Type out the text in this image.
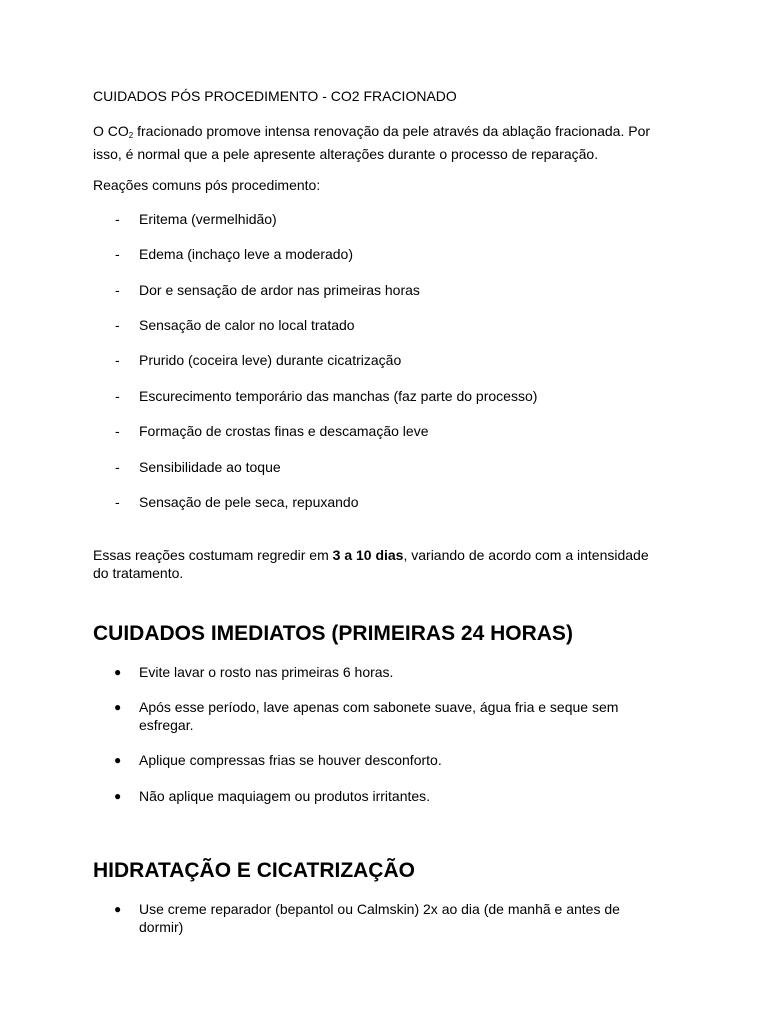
CUIDADOS PÓS PROCEDIMENTO - CO2 FRACIONADO

O $CO_2$ fracionado promove intensa renovação da pele através da ablação fracionada. Por isso, é normal que a pele apresente alterações durante o processo de reparação.

Reações comuns pós procedimento:

- Eritema (vermelhidão)
- Edema (inchaço leve a moderado)
- Dor e sensação de ardor nas primeiras horas
- Sensação de calor no local tratado
- Prurido (coceira leve) durante cicatrização
- Escurecimento temporário das manchas (faz parte do processo)
- Formação de crostas finas e descamação leve
- Sensibilidade ao toque
- Sensação de pele seca, repuxando

Essas reações costumam regredir em 3 a 10 dias, variando de acordo com a intensidade do tratamento.

CUIDADOS IMEDIATOS (PRIMEIRAS 24 HORAS)
● Evite lavar o rosto nas primeiras 6 horas.
● Após esse período, lave apenas com sabonete suave, água fria e seque sem esfregar.
● Aplique compressas frias se houver desconforto.
● Não aplique maquiagem ou produtos irritantes.
HIDRATAÇÃO E CICATRIZAÇÃO
● Use creme reparador (bepantol ou Calmskin) 2x ao dia (de manhã e antes de dormir)
